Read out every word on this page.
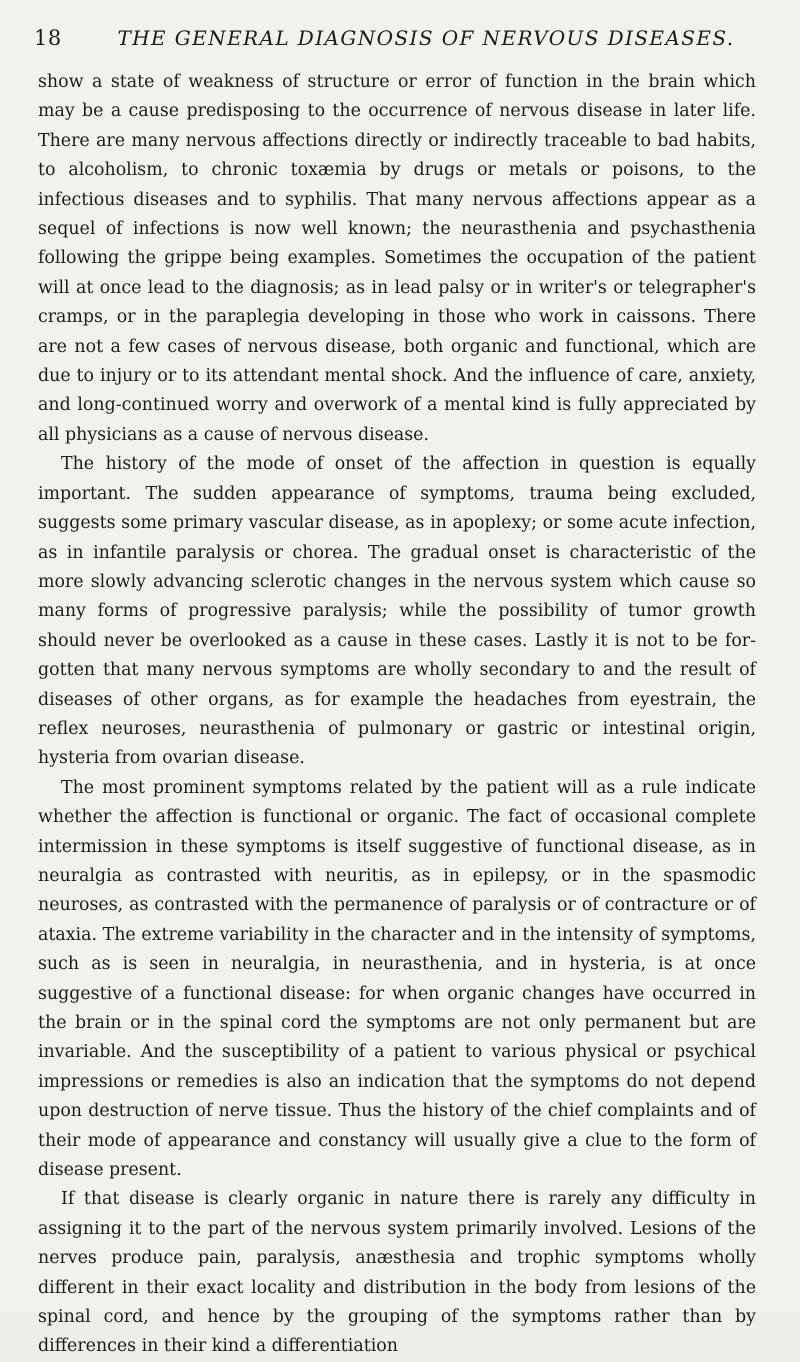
18	THE GENERAL DIAGNOSIS OF NERVOUS DISEASES.

show a state of weakness of structure or error of function in the brain which may be a cause predisposing to the occurrence of nervous disease in later life. There are many nervous affections directly or indirectly traceable to bad habits, to alcoholism, to chronic toxæmia by drugs or metals or poisons, to the infectious diseases and to syphilis. That many nervous affections appear as a sequel of infections is now well known; the neurasthenia and psychasthenia following the grippe being examples. Sometimes the occupation of the patient will at once lead to the diagnosis; as in lead palsy or in writer's or telegrapher's cramps, or in the paraplegia developing in those who work in caissons. There are not a few cases of nervous disease, both organic and functional, which are due to injury or to its attendant mental shock. And the influence of care, anxiety, and long-continued worry and overwork of a mental kind is fully appreciated by all physicians as a cause of nervous disease.

The history of the mode of onset of the affection in question is equally important. The sudden appearance of symptoms, trauma being excluded, suggests some primary vascular disease, as in apoplexy; or some acute infection, as in infantile paralysis or chorea. The gradual onset is characteristic of the more slowly advancing sclerotic changes in the nervous system which cause so many forms of progressive paralysis; while the possibility of tumor growth should never be overlooked as a cause in these cases. Lastly it is not to be forgotten that many nervous symptoms are wholly secondary to and the result of diseases of other organs, as for example the headaches from eyestrain, the reflex neuroses, neurasthenia of pulmonary or gastric or intestinal origin, hysteria from ovarian disease.

The most prominent symptoms related by the patient will as a rule indicate whether the affection is functional or organic. The fact of occasional complete intermission in these symptoms is itself suggestive of functional disease, as in neuralgia as contrasted with neuritis, as in epilepsy, or in the spasmodic neuroses, as contrasted with the permanence of paralysis or of contracture or of ataxia. The extreme variability in the character and in the intensity of symptoms, such as is seen in neuralgia, in neurasthenia, and in hysteria, is at once suggestive of a functional disease: for when organic changes have occurred in the brain or in the spinal cord the symptoms are not only permanent but are invariable. And the susceptibility of a patient to various physical or psychical impressions or remedies is also an indication that the symptoms do not depend upon destruction of nerve tissue. Thus the history of the chief complaints and of their mode of appearance and constancy will usually give a clue to the form of disease present.

If that disease is clearly organic in nature there is rarely any difficulty in assigning it to the part of the nervous system primarily involved. Lesions of the nerves produce pain, paralysis, anæsthesia and trophic symptoms wholly different in their exact locality and distribution in the body from lesions of the spinal cord, and hence by the grouping of the symptoms rather than by differences in their kind a differentiation
